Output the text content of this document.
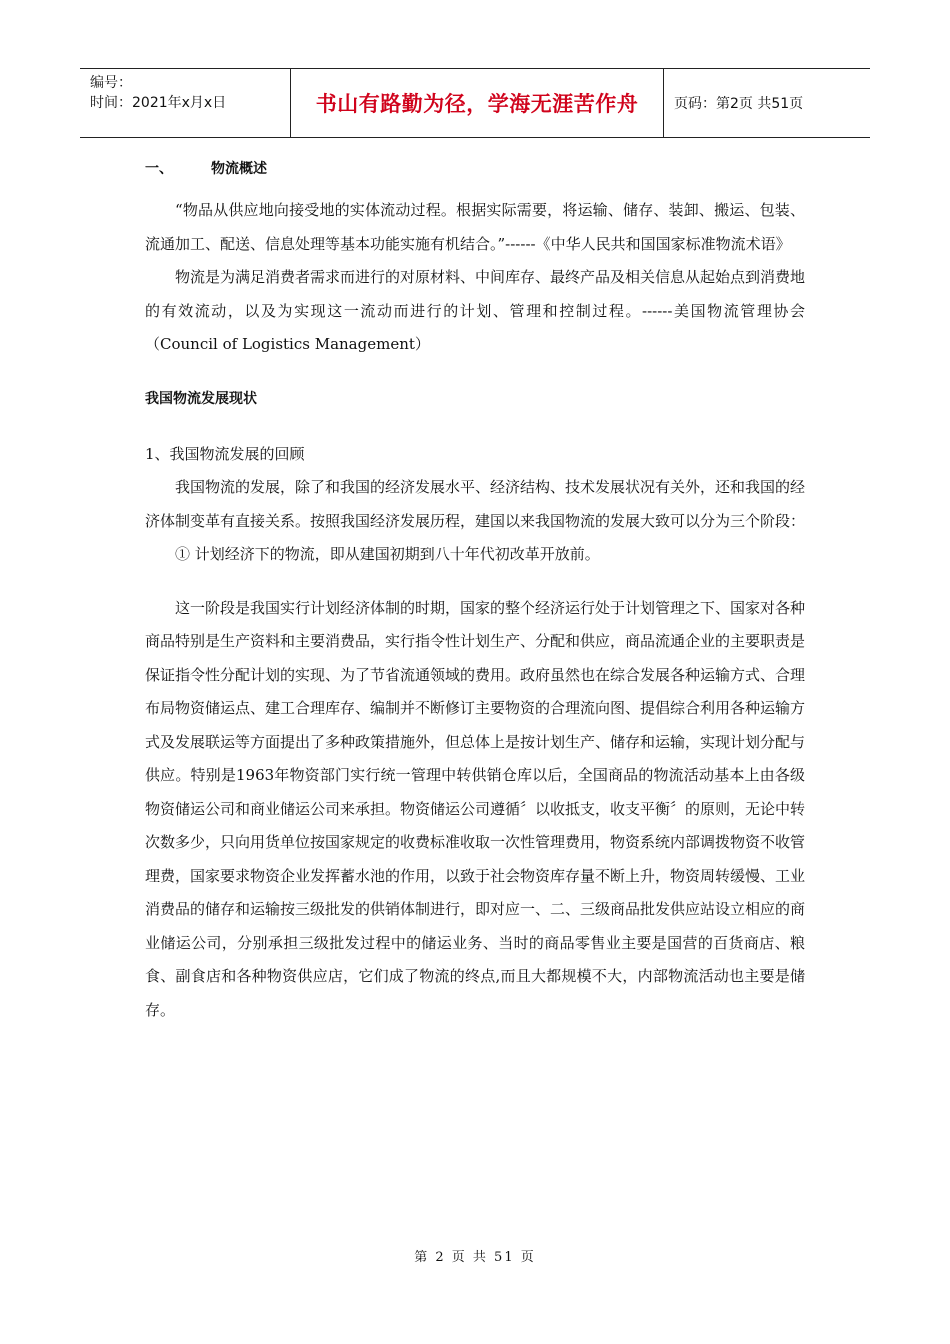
编号：
时间：2021年x月x日	书山有路勤为径，学海无涯苦作舟	页码：第2页 共51页
一、	物流概述

“物品从供应地向接受地的实体流动过程。根据实际需要，将运输、储存、装卸、搬运、包装、流通加工、配送、信息处理等基本功能实施有机结合。”------《中华人民共和国国家标准物流术语》

物流是为满足消费者需求而进行的对原材料、中间库存、最终产品及相关信息从起始点到消费地的有效流动，以及为实现这一流动而进行的计划、管理和控制过程。------美国物流管理协会（Council of Logistics Management）

我国物流发展现状

1、我国物流发展的回顾

我国物流的发展，除了和我国的经济发展水平、经济结构、技术发展状况有关外，还和我国的经济体制变革有直接关系。按照我国经济发展历程，建国以来我国物流的发展大致可以分为三个阶段：

① 计划经济下的物流，即从建国初期到八十年代初改革开放前。

这一阶段是我国实行计划经济体制的时期，国家的整个经济运行处于计划管理之下、国家对各种商品特别是生产资料和主要消费品，实行指令性计划生产、分配和供应，商品流通企业的主要职责是保证指令性分配计划的实现、为了节省流通领域的费用。政府虽然也在综合发展各种运输方式、合理布局物资储运点、建工合理库存、编制并不断修订主要物资的合理流向图、提倡综合利用各种运输方式及发展联运等方面提出了多种政策措施外，但总体上是按计划生产、储存和运输，实现计划分配与供应。特别是1963年物资部门实行统一管理中转供销仓库以后，全国商品的物流活动基本上由各级物资储运公司和商业储运公司来承担。物资储运公司遵循〞以收抵支，收支平衡〞的原则，无论中转次数多少，只向用货单位按国家规定的收费标准收取一次性管理费用，物资系统内部调拨物资不收管理费，国家要求物资企业发挥蓄水池的作用，以致于社会物资库存量不断上升，物资周转缓慢、工业消费品的储存和运输按三级批发的供销体制进行，即对应一、二、三级商品批发供应站设立相应的商业储运公司，分别承担三级批发过程中的储运业务、当时的商品零售业主要是国营的百货商店、粮食、副食店和各种物资供应店，它们成了物流的终点,而且大都规模不大，内部物流活动也主要是储存。

第 2 页 共 51 页
